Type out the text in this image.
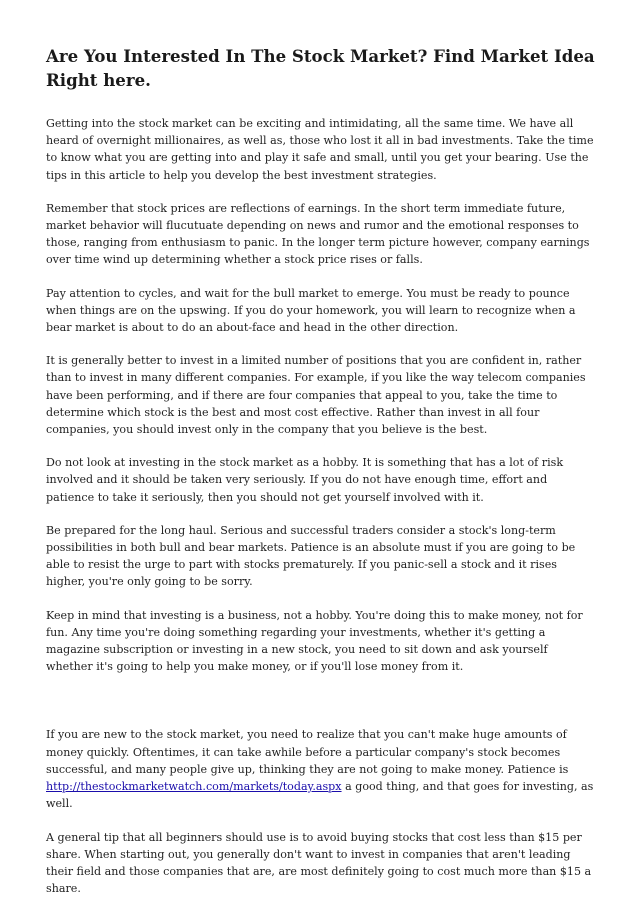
Are You Interested In The Stock Market? Find Market Idea Right here.

Getting into the stock market can be exciting and intimidating, all the same time. We have all heard of overnight millionaires, as well as, those who lost it all in bad investments. Take the time to know what you are getting into and play it safe and small, until you get your bearing. Use the tips in this article to help you develop the best investment strategies.

Remember that stock prices are reflections of earnings. In the short term immediate future, market behavior will flucutuate depending on news and rumor and the emotional responses to those, ranging from enthusiasm to panic. In the longer term picture however, company earnings over time wind up determining whether a stock price rises or falls.

Pay attention to cycles, and wait for the bull market to emerge. You must be ready to pounce when things are on the upswing. If you do your homework, you will learn to recognize when a bear market is about to do an about-face and head in the other direction.

It is generally better to invest in a limited number of positions that you are confident in, rather than to invest in many different companies. For example, if you like the way telecom companies have been performing, and if there are four companies that appeal to you, take the time to determine which stock is the best and most cost effective. Rather than invest in all four companies, you should invest only in the company that you believe is the best.

Do not look at investing in the stock market as a hobby. It is something that has a lot of risk involved and it should be taken very seriously. If you do not have enough time, effort and patience to take it seriously, then you should not get yourself involved with it.

Be prepared for the long haul. Serious and successful traders consider a stock's long-term possibilities in both bull and bear markets. Patience is an absolute must if you are going to be able to resist the urge to part with stocks prematurely. If you panic-sell a stock and it rises higher, you're only going to be sorry.

Keep in mind that investing is a business, not a hobby. You're doing this to make money, not for fun. Any time you're doing something regarding your investments, whether it's getting a magazine subscription or investing in a new stock, you need to sit down and ask yourself whether it's going to help you make money, or if you'll lose money from it.

If you are new to the stock market, you need to realize that you can't make huge amounts of money quickly. Oftentimes, it can take awhile before a particular company's stock becomes successful, and many people give up, thinking they are not going to make money. Patience is http://thestockmarketwatch.com/markets/today.aspx a good thing, and that goes for investing, as well.

A general tip that all beginners should use is to avoid buying stocks that cost less than $15 per share. When starting out, you generally don't want to invest in companies that aren't leading their field and those companies that are, are most definitely going to cost much more than $15 a share.
